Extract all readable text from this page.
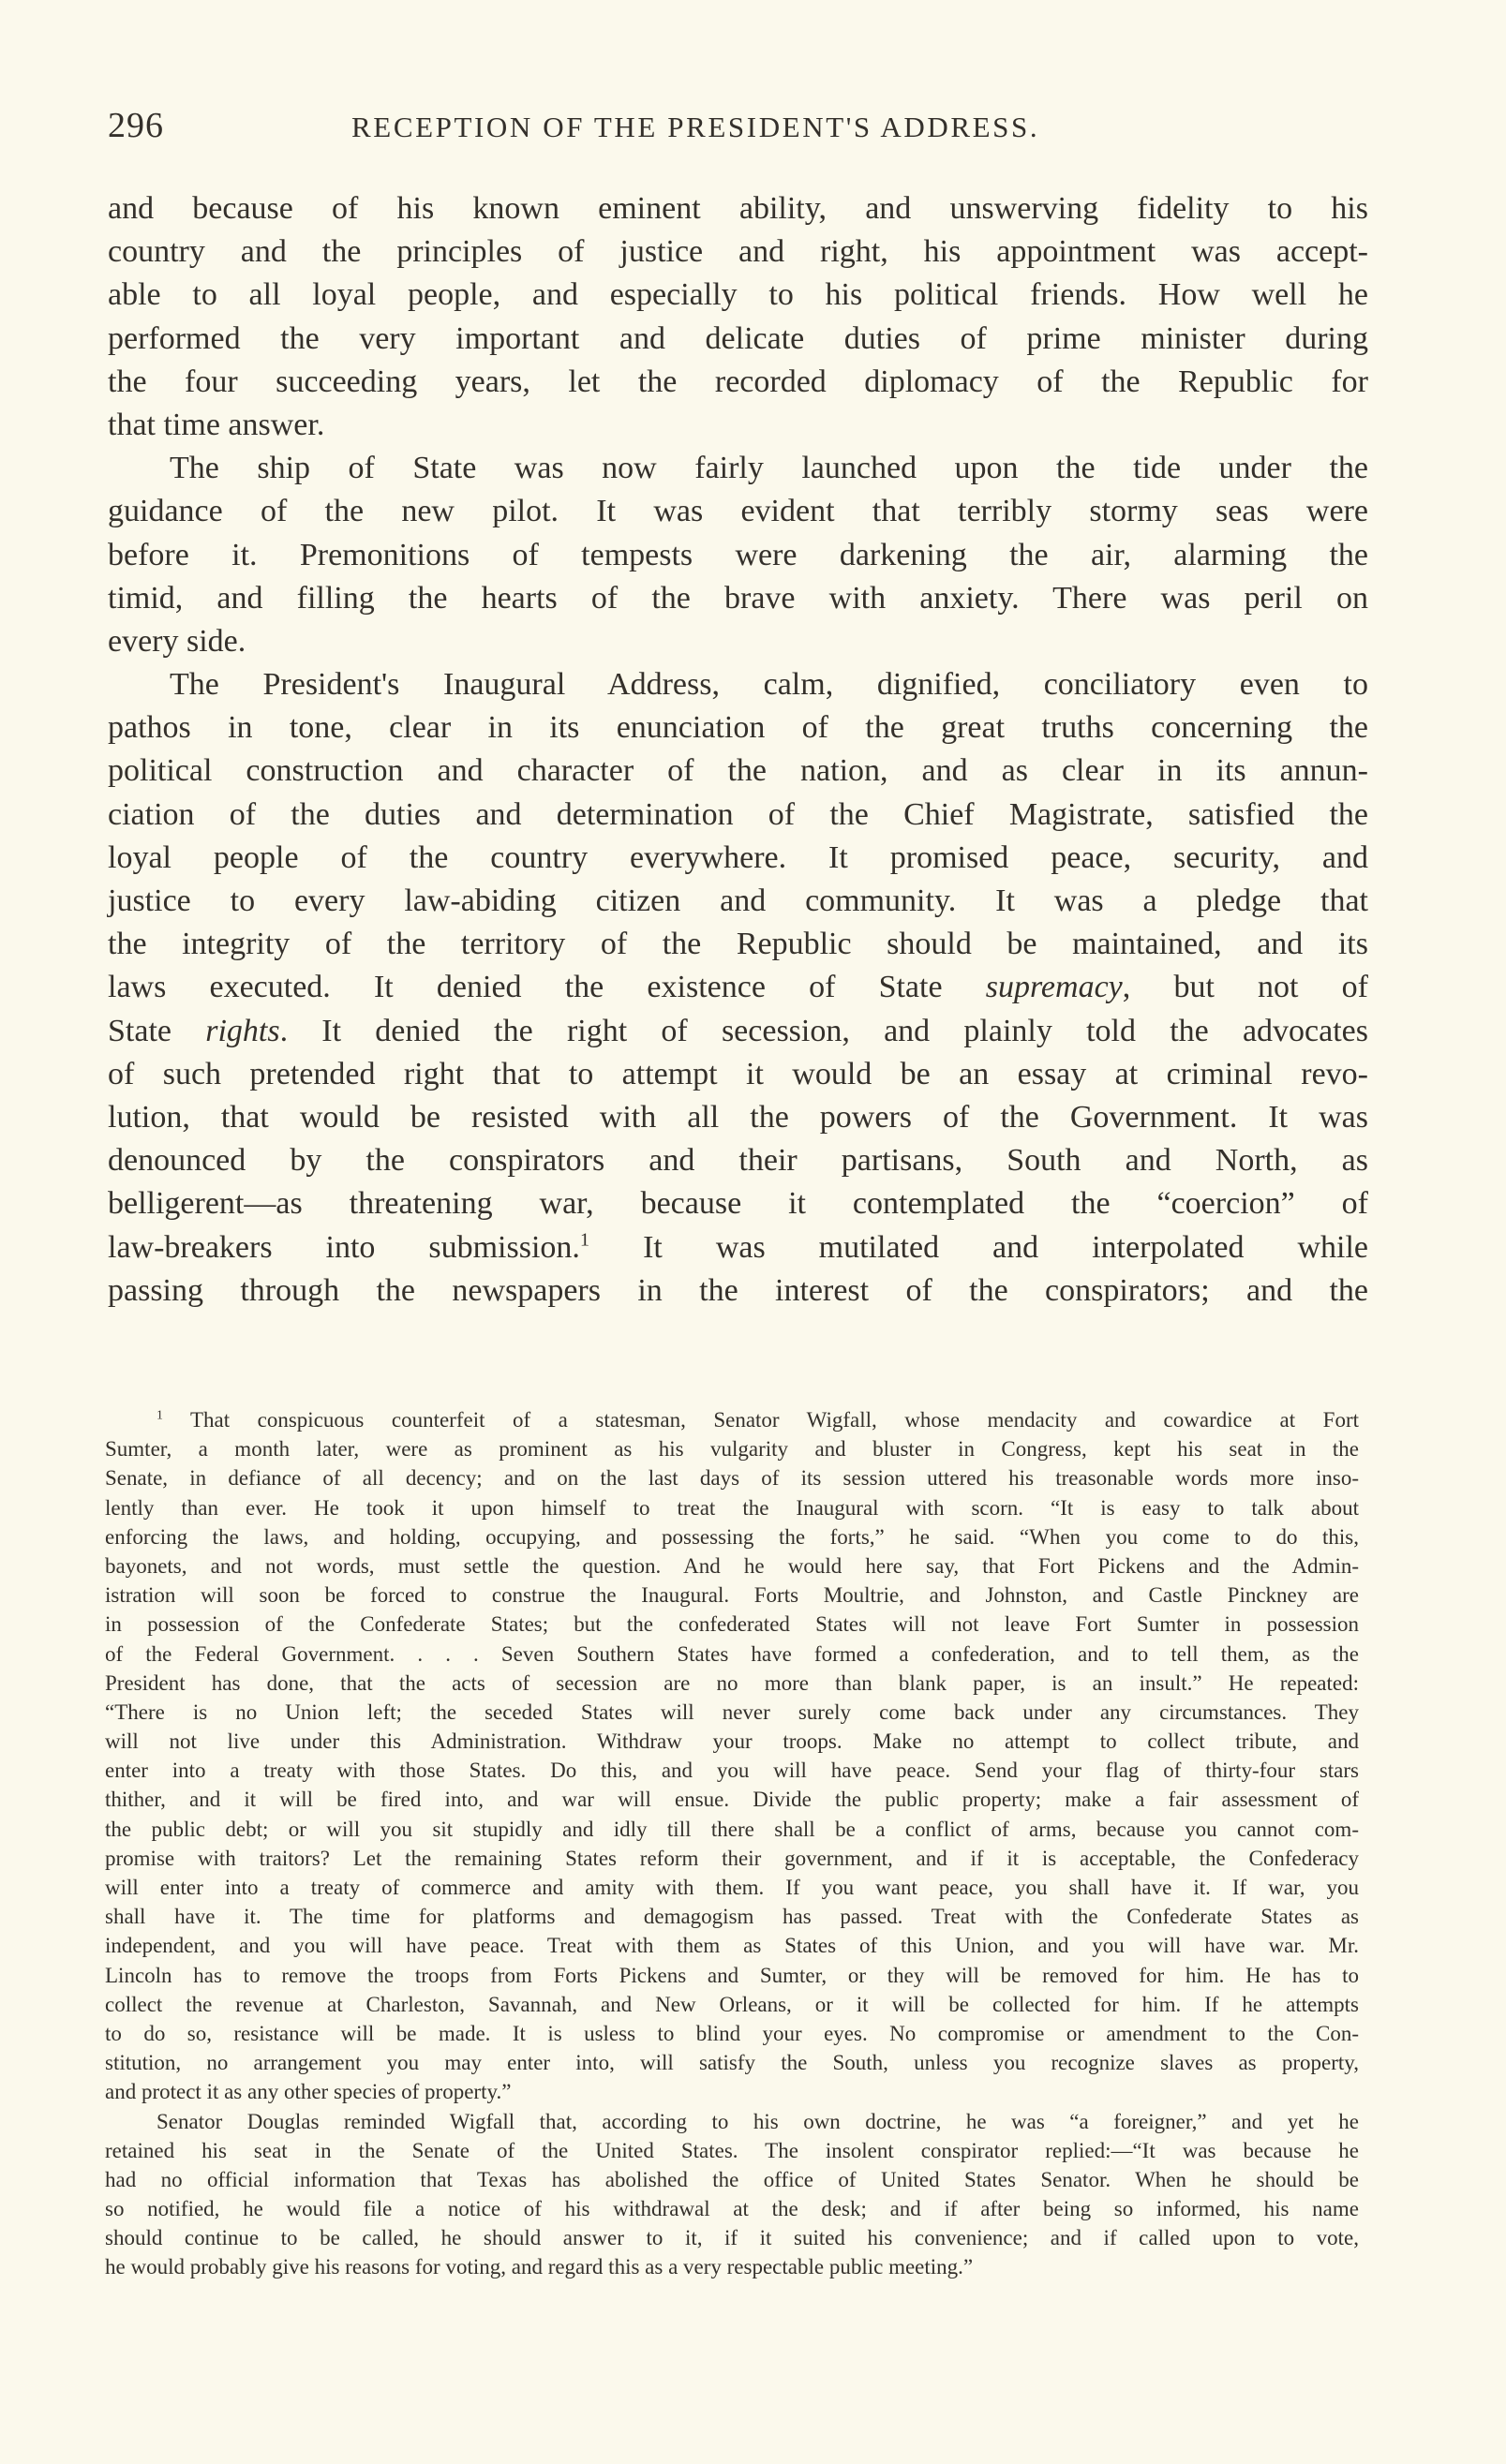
296	RECEPTION OF THE PRESIDENT'S ADDRESS.
and because of his known eminent ability, and unswerving fidelity to his
country and the principles of justice and right, his appointment was accept-
able to all loyal people, and especially to his political friends. How well he
performed the very important and delicate duties of prime minister during
the four succeeding years, let the recorded diplomacy of the Republic for
that time answer.
The ship of State was now fairly launched upon the tide under the
guidance of the new pilot. It was evident that terribly stormy seas were
before it. Premonitions of tempests were darkening the air, alarming the
timid, and filling the hearts of the brave with anxiety. There was peril on
every side.
The President's Inaugural Address, calm, dignified, conciliatory even to
pathos in tone, clear in its enunciation of the great truths concerning the
political construction and character of the nation, and as clear in its annun-
ciation of the duties and determination of the Chief Magistrate, satisfied the
loyal people of the country everywhere. It promised peace, security, and
justice to every law-abiding citizen and community. It was a pledge that
the integrity of the territory of the Republic should be maintained, and its
laws executed. It denied the existence of State supremacy, but not of
State rights. It denied the right of secession, and plainly told the advocates
of such pretended right that to attempt it would be an essay at criminal revo-
lution, that would be resisted with all the powers of the Government. It was
denounced by the conspirators and their partisans, South and North, as
belligerent—as threatening war, because it contemplated the “coercion” of
law-breakers into submission.$^1$ It was mutilated and interpolated while
passing through the newspapers in the interest of the conspirators; and the
$^1$ That conspicuous counterfeit of a statesman, Senator Wigfall, whose mendacity and cowardice at Fort
Sumter, a month later, were as prominent as his vulgarity and bluster in Congress, kept his seat in the
Senate, in defiance of all decency; and on the last days of its session uttered his treasonable words more inso-
lently than ever. He took it upon himself to treat the Inaugural with scorn. “It is easy to talk about
enforcing the laws, and holding, occupying, and possessing the forts,” he said. “When you come to do this,
bayonets, and not words, must settle the question. And he would here say, that Fort Pickens and the Admin-
istration will soon be forced to construe the Inaugural. Forts Moultrie, and Johnston, and Castle Pinckney are
in possession of the Confederate States; but the confederated States will not leave Fort Sumter in possession
of the Federal Government. . . . Seven Southern States have formed a confederation, and to tell them, as the
President has done, that the acts of secession are no more than blank paper, is an insult.” He repeated:
“There is no Union left; the seceded States will never surely come back under any circumstances. They
will not live under this Administration. Withdraw your troops. Make no attempt to collect tribute, and
enter into a treaty with those States. Do this, and you will have peace. Send your flag of thirty-four stars
thither, and it will be fired into, and war will ensue. Divide the public property; make a fair assessment of
the public debt; or will you sit stupidly and idly till there shall be a conflict of arms, because you cannot com-
promise with traitors? Let the remaining States reform their government, and if it is acceptable, the Confederacy
will enter into a treaty of commerce and amity with them. If you want peace, you shall have it. If war, you
shall have it. The time for platforms and demagogism has passed. Treat with the Confederate States as
independent, and you will have peace. Treat with them as States of this Union, and you will have war. Mr.
Lincoln has to remove the troops from Forts Pickens and Sumter, or they will be removed for him. He has to
collect the revenue at Charleston, Savannah, and New Orleans, or it will be collected for him. If he attempts
to do so, resistance will be made. It is usless to blind your eyes. No compromise or amendment to the Con-
stitution, no arrangement you may enter into, will satisfy the South, unless you recognize slaves as property,
and protect it as any other species of property.”
Senator Douglas reminded Wigfall that, according to his own doctrine, he was “a foreigner,” and yet he
retained his seat in the Senate of the United States. The insolent conspirator replied:—“It was because he
had no official information that Texas has abolished the office of United States Senator. When he should be
so notified, he would file a notice of his withdrawal at the desk; and if after being so informed, his name
should continue to be called, he should answer to it, if it suited his convenience; and if called upon to vote,
he would probably give his reasons for voting, and regard this as a very respectable public meeting.”
